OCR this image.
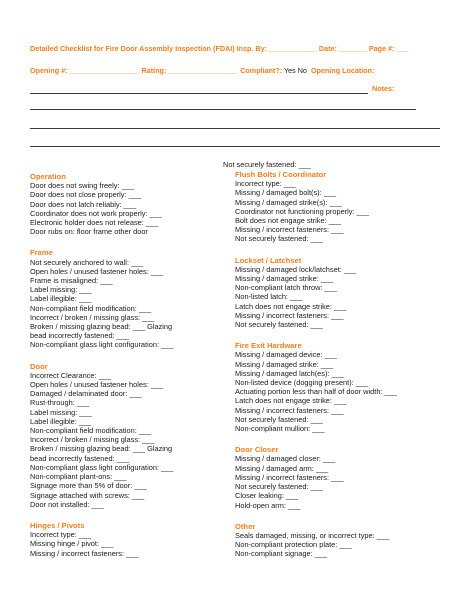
Detailed Checklist for Fire Door Assembly Inspection (FDAI) Insp. By: ____________ Date: _______ Page #: ___
Opening #: _________________ Rating: _________________ Compliant?: Yes No Opening Location:
Notes:
Operation
Door does not swing freely: ___
Door does not close properly: ___
Door does not latch reliably: ___
Coordinator does not work properly: ___
Electronic holder does not release: ___
Door rubs on: floor frame other door
Frame
Not securely anchored to wall: ___
Open holes / unused fastener holes: ___
Frame is misaligned: ___
Label missing: ___
Label illegible: ___
Non-compliant field modification: ___
Incorrect / broken / missing glass: ___
Broken / missing glazing bead: ___ Glazing
bead incorrectly fastened: ___
Non-compliant glass light configuration: ___
Door
Incorrect Clearance: ___
Open holes / unused fastener holes: ___
Damaged / delaminated door: ___
Rust-through: ___
Label missing: ___
Label illegible: ___
Non-compliant field modification: ___
Incorrect / broken / missing glass: ___
Broken / missing glazing bead: ___ Glazing
bead incorrectly fastened: ___
Non-compliant glass light configuration: ___
Non-compliant plant-ons: ___
Signage more than 5% of door: ___
Signage attached with screws: ___
Door not installed: ___
Hinges / Pivots
Incorrect type: ___
Missing hinge / pivot: ___
Missing / incorrect fasteners: ___
Not securely fastened: ___
Flush Bolts / Coordinator
Incorrect type: ___
Missing / damaged bolt(s): ___
Missing / damaged strike(s): ___
Coordinator not functioning properly: ___
Bolt does not engage strike: ___
Missing / incorrect fasteners: ___
Not securely fastened: ___
Lockset / Latchset
Missing / damaged lock/latchset: ___
Missing / damaged strike: ___
Non-compliant latch throw: ___
Non-listed latch: ___
Latch does not engage strike: ___
Missing / incorrect fasteners: ___
Not securely fastened: ___
Fire Exit Hardware
Missing / damaged device: ___
Missing / damaged strike: ___
Missing / damaged latch(es): ___
Non-listed device (dogging present): ___
Actuating portion less than half of door width: ___
Latch does not engage strike: ___
Missing / incorrect fasteners: ___
Not securely fastened: ___
Non-compliant mullion: ___
Door Closer
Missing / damaged closer: ___
Missing / damaged arm: ___
Missing / incorrect fasteners: ___
Not securely fastened: ___
Closer leaking: ___
Hold-open arm: ___
Other
Seals damaged, missing, or incorrect type: ___
Non-compliant protection plate: ___
Non-compliant signage: ___
